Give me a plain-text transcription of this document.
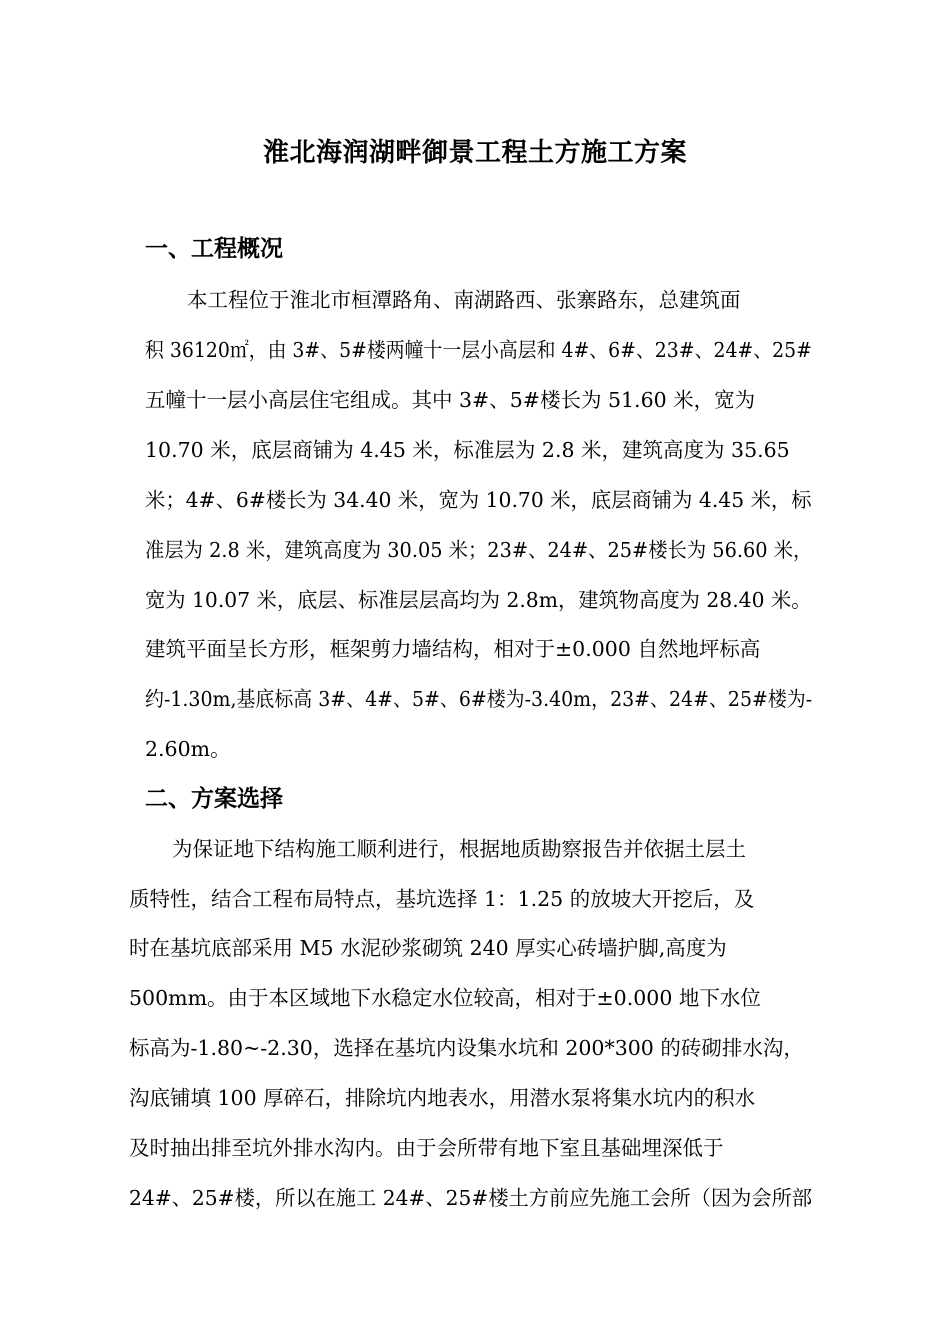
淮北海润湖畔御景工程土方施工方案
一、工程概况
本工程位于淮北市桓潭路角、南湖路西、张寨路东，总建筑面
积 36120㎡，由 3#、5#楼两幢十一层小高层和 4#、6#、23#、24#、25#
五幢十一层小高层住宅组成。其中 3#、5#楼长为 51.60 米，宽为
10.70 米，底层商铺为 4.45 米，标准层为 2.8 米，建筑高度为 35.65
米；4#、6#楼长为 34.40 米，宽为 10.70 米，底层商铺为 4.45 米，标
准层为 2.8 米，建筑高度为 30.05 米；23#、24#、25#楼长为 56.60 米，
宽为 10.07 米，底层、标准层层高均为 2.8m，建筑物高度为 28.40 米。
建筑平面呈长方形，框架剪力墙结构，相对于±0.000 自然地坪标高
约-1.30m,基底标高 3#、4#、5#、6#楼为-3.40m，23#、24#、25#楼为-
2.60m。
二、方案选择
为保证地下结构施工顺利进行，根据地质勘察报告并依据土层土
质特性，结合工程布局特点，基坑选择 1：1.25 的放坡大开挖后，及
时在基坑底部采用 M5 水泥砂浆砌筑 240 厚实心砖墙护脚,高度为
500mm。由于本区域地下水稳定水位较高，相对于±0.000 地下水位
标高为-1.80~-2.30，选择在基坑内设集水坑和 200*300 的砖砌排水沟，
沟底铺填 100 厚碎石，排除坑内地表水，用潜水泵将集水坑内的积水
及时抽出排至坑外排水沟内。由于会所带有地下室且基础埋深低于
24#、25#楼，所以在施工 24#、25#楼土方前应先施工会所（因为会所部
